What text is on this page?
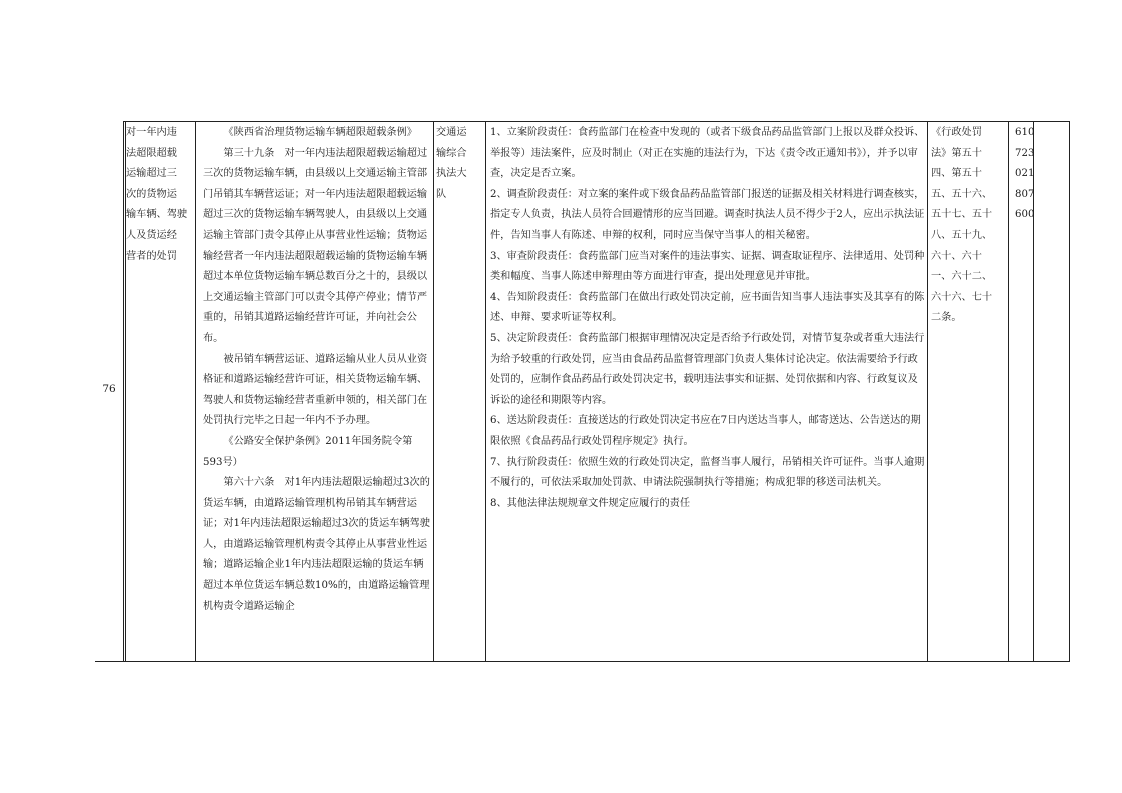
76
对一年内违
法超限超载
运输超过三
次的货物运
输车辆、驾驶
人及货运经
营者的处罚

《陕西省治理货物运输车辆超限超载条例》

第三十九条　对一年内违法超限超载运输超过三次的货物运输车辆，由县级以上交通运输主管部门吊销其车辆营运证；对一年内违法超限超载运输超过三次的货物运输车辆驾驶人，由县级以上交通运输主管部门责令其停止从事营业性运输；货物运输经营者一年内违法超限超载运输的货物运输车辆超过本单位货物运输车辆总数百分之十的，县级以上交通运输主管部门可以责令其停产停业；情节严重的，吊销其道路运输经营许可证，并向社会公布。

被吊销车辆营运证、道路运输从业人员从业资格证和道路运输经营许可证，相关货物运输车辆、驾驶人和货物运输经营者重新申领的，相关部门在处罚执行完毕之日起一年内不予办理。

《公路安全保护条例》2011年国务院令第593号）

第六十六条　对1年内违法超限运输超过3次的货运车辆，由道路运输管理机构吊销其车辆营运证；对1年内违法超限运输超过3次的货运车辆驾驶人，由道路运输管理机构责令其停止从事营业性运输；道路运输企业1年内违法超限运输的货运车辆超过本单位货运车辆总数10%的，由道路运输管理机构责令道路运输企

交通运
输综合
执法大
队

1、立案阶段责任：食药监部门在检查中发现的（或者下级食品药品监管部门上报以及群众投诉、举报等）违法案件，应及时制止（对正在实施的违法行为，下达《责令改正通知书》），并予以审查，决定是否立案。

2、调查阶段责任：对立案的案件或下级食品药品监管部门报送的证据及相关材料进行调查核实，指定专人负责，执法人员符合回避情形的应当回避。调查时执法人员不得少于2人，应出示执法证件，告知当事人有陈述、申辩的权利，同时应当保守当事人的相关秘密。

3、审查阶段责任：食药监部门应当对案件的违法事实、证据、调查取证程序、法律适用、处罚种类和幅度、当事人陈述申辩理由等方面进行审查，提出处理意见并审批。

4、告知阶段责任：食药监部门在做出行政处罚决定前，应书面告知当事人违法事实及其享有的陈述、申辩、要求听证等权利。

5、决定阶段责任：食药监部门根据审理情况决定是否给予行政处罚，对情节复杂或者重大违法行为给予较重的行政处罚，应当由食品药品监督管理部门负责人集体讨论决定。依法需要给予行政处罚的，应制作食品药品行政处罚决定书，载明违法事实和证据、处罚依据和内容、行政复议及诉讼的途径和期限等内容。

6、送达阶段责任：直接送达的行政处罚决定书应在7日内送达当事人，邮寄送达、公告送达的期限依照《食品药品行政处罚程序规定》执行。

7、执行阶段责任：依照生效的行政处罚决定，监督当事人履行，吊销相关许可证件。当事人逾期不履行的，可依法采取加处罚款、申请法院强制执行等措施；构成犯罪的移送司法机关。

8、其他法律法规规章文件规定应履行的责任

《行政处罚
法》第五十
四、第五十
五、五十六、
五十七、五十
八、五十九、
六十、六十
一、六十二、
六十六、七十
二条。
610
723
021
807
600
